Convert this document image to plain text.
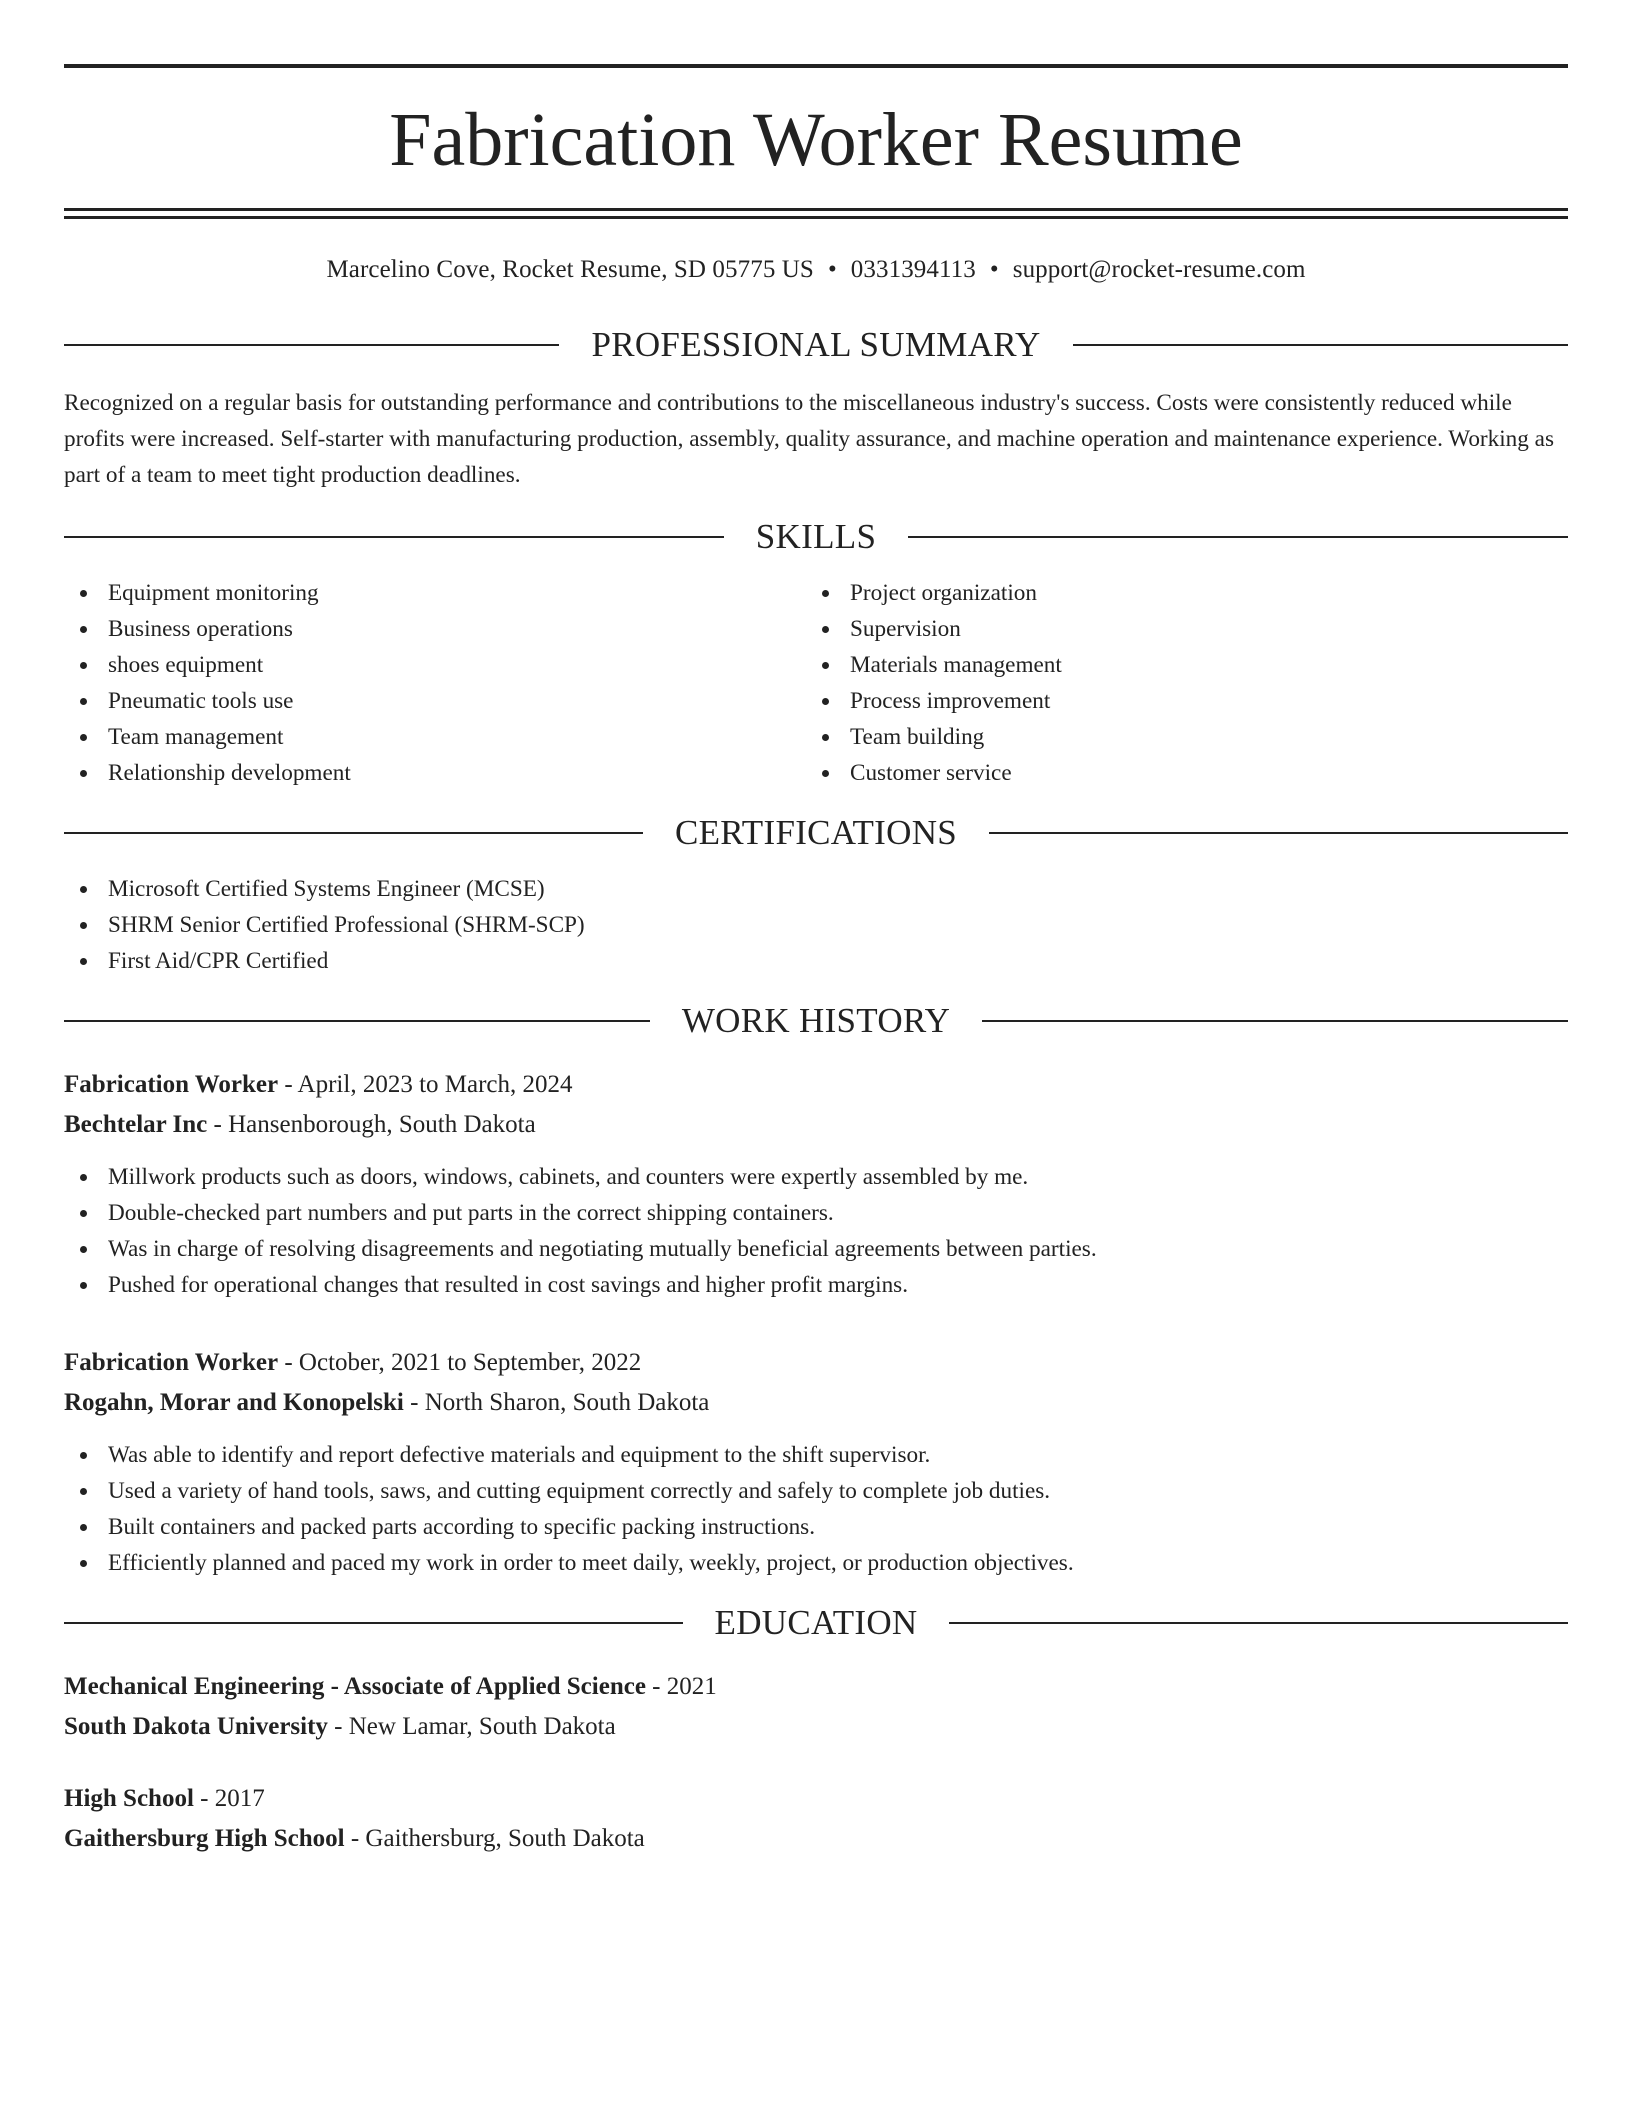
Fabrication Worker Resume
Marcelino Cove, Rocket Resume, SD 05775 US • 0331394113 • support@rocket-resume.com
PROFESSIONAL SUMMARY

Recognized on a regular basis for outstanding performance and contributions to the miscellaneous industry's success. Costs were consistently reduced while profits were increased. Self-starter with manufacturing production, assembly, quality assurance, and machine operation and maintenance experience. Working as part of a team to meet tight production deadlines.

SKILLS
Equipment monitoring
Business operations
shoes equipment
Pneumatic tools use
Team management
Relationship development
Project organization
Supervision
Materials management
Process improvement
Team building
Customer service
CERTIFICATIONS
Microsoft Certified Systems Engineer (MCSE)
SHRM Senior Certified Professional (SHRM-SCP)
First Aid/CPR Certified
WORK HISTORY
Fabrication Worker - April, 2023 to March, 2024
Bechtelar Inc - Hansenborough, South Dakota
Millwork products such as doors, windows, cabinets, and counters were expertly assembled by me.
Double-checked part numbers and put parts in the correct shipping containers.
Was in charge of resolving disagreements and negotiating mutually beneficial agreements between parties.
Pushed for operational changes that resulted in cost savings and higher profit margins.
Fabrication Worker - October, 2021 to September, 2022
Rogahn, Morar and Konopelski - North Sharon, South Dakota
Was able to identify and report defective materials and equipment to the shift supervisor.
Used a variety of hand tools, saws, and cutting equipment correctly and safely to complete job duties.
Built containers and packed parts according to specific packing instructions.
Efficiently planned and paced my work in order to meet daily, weekly, project, or production objectives.
EDUCATION
Mechanical Engineering - Associate of Applied Science - 2021
South Dakota University - New Lamar, South Dakota
High School - 2017
Gaithersburg High School - Gaithersburg, South Dakota
